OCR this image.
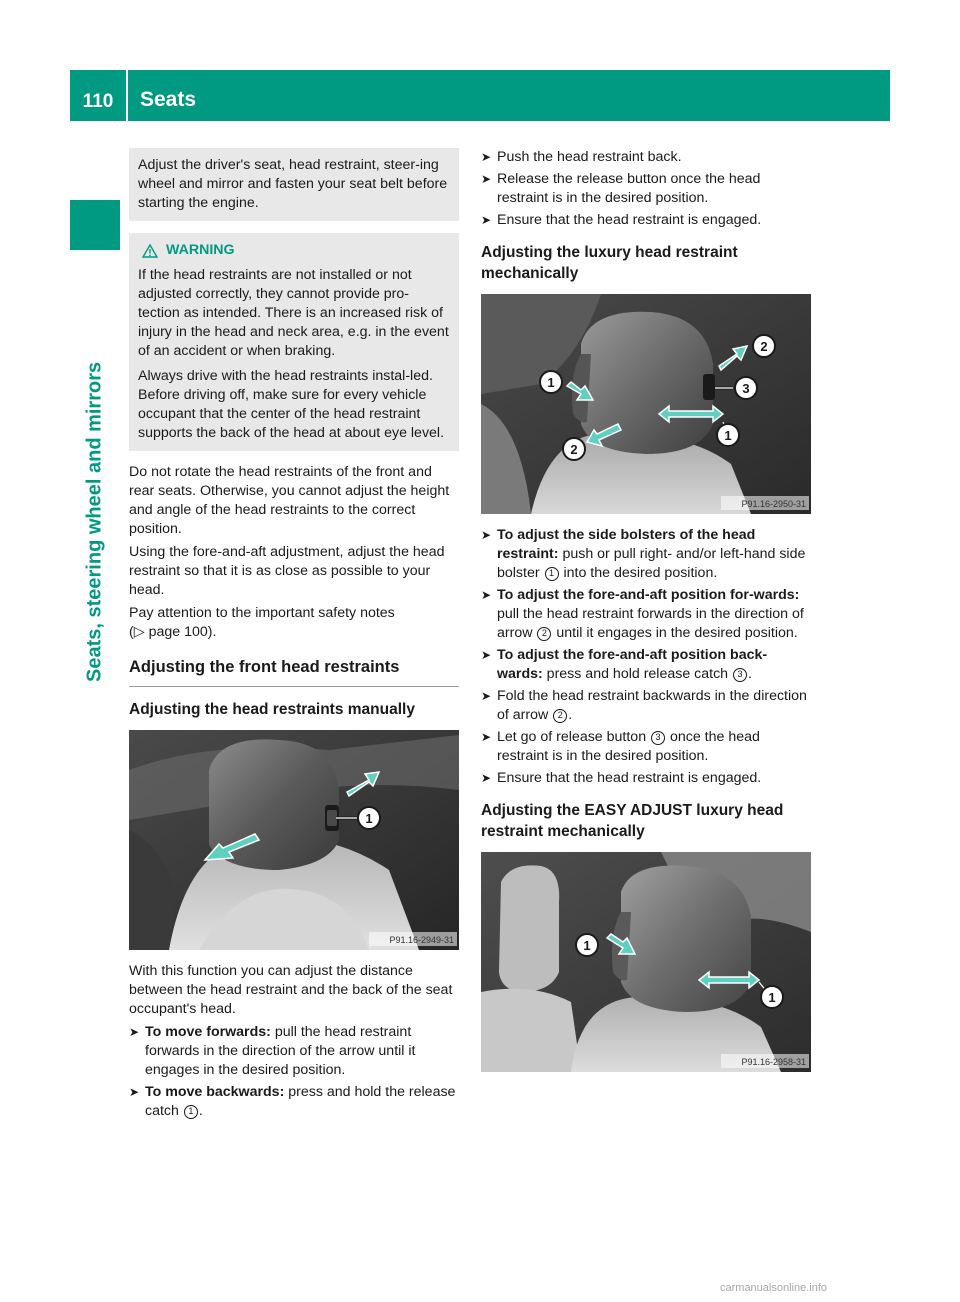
110	Seats
Seats, steering wheel and mirrors

Adjust the driver's seat, head restraint, steer-ing wheel and mirror and fasten your seat belt before starting the engine.

WARNING

If the head restraints are not installed or not adjusted correctly, they cannot provide pro-tection as intended. There is an increased risk of injury in the head and neck area, e.g. in the event of an accident or when braking.

Always drive with the head restraints instal-led. Before driving off, make sure for every vehicle occupant that the center of the head restraint supports the back of the head at about eye level.

Do not rotate the head restraints of the front and rear seats. Otherwise, you cannot adjust the height and angle of the head restraints to the correct position.

Using the fore-and-aft adjustment, adjust the head restraint so that it is as close as possible to your head.

Pay attention to the important safety notes
(▷ page 100).

Adjusting the front head restraints
Adjusting the head restraints manually
1
P91.16-2949-31

With this function you can adjust the distance between the head restraint and the back of the seat occupant's head.

➤ To move forwards: pull the head restraint forwards in the direction of the arrow until it engages in the desired position.
➤ To move backwards: press and hold the release catch 1 .
➤ Push the head restraint back.
➤ Release the release button once the head restraint is in the desired position.
➤ Ensure that the head restraint is engaged.
Adjusting the luxury head restraint mechanically
1
2
3
2
1
P91.16-2950-31
➤ To adjust the side bolsters of the head restraint: push or pull right- and/or left-hand side bolster 1 into the desired position.
➤ To adjust the fore-and-aft position for-wards: pull the head restraint forwards in the direction of arrow 2 until it engages in the desired position.
➤ To adjust the fore-and-aft position back-wards: press and hold release catch 3 .
➤ Fold the head restraint backwards in the direction of arrow 2 .
➤ Let go of release button 3 once the head restraint is in the desired position.
➤ Ensure that the head restraint is engaged.
Adjusting the EASY ADJUST luxury head restraint mechanically
1
1
P91.16-2958-31
carmanualsonline.info
